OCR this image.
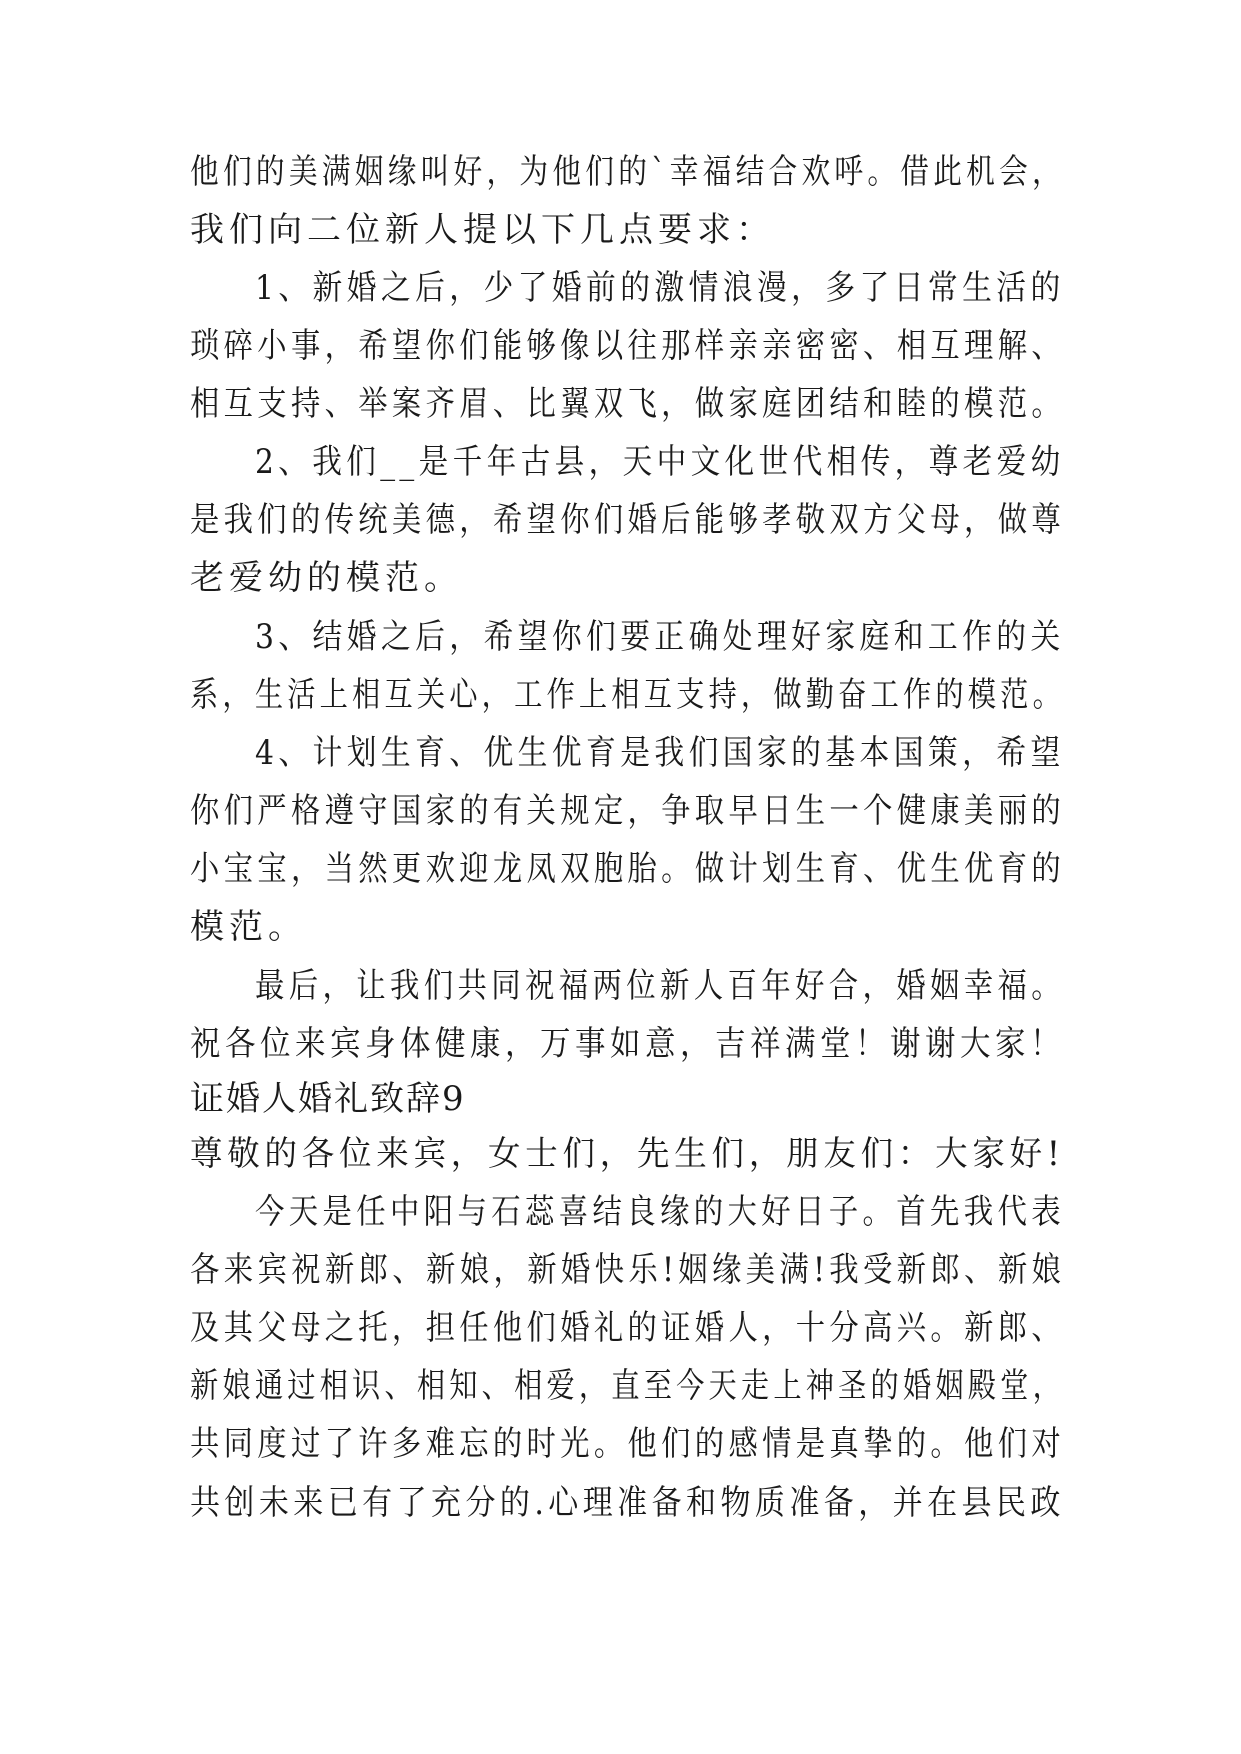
他们的美满姻缘叫好，为他们的`幸福结合欢呼。借此机会，
我们向二位新人提以下几点要求：
1、新婚之后，少了婚前的激情浪漫，多了日常生活的
琐碎小事，希望你们能够像以往那样亲亲密密、相互理解、
相互支持、举案齐眉、比翼双飞，做家庭团结和睦的模范。
2、我们__是千年古县，天中文化世代相传，尊老爱幼
是我们的传统美德，希望你们婚后能够孝敬双方父母，做尊
老爱幼的模范。
3、结婚之后，希望你们要正确处理好家庭和工作的关
系，生活上相互关心，工作上相互支持，做勤奋工作的模范。
4、计划生育、优生优育是我们国家的基本国策，希望
你们严格遵守国家的有关规定，争取早日生一个健康美丽的
小宝宝，当然更欢迎龙凤双胞胎。做计划生育、优生优育的
模范。
最后，让我们共同祝福两位新人百年好合，婚姻幸福。
祝各位来宾身体健康，万事如意，吉祥满堂！谢谢大家！
证婚人婚礼致辞9
尊敬的各位来宾，女士们，先生们，朋友们：大家好!
今天是任中阳与石蕊喜结良缘的大好日子。首先我代表
各来宾祝新郎、新娘，新婚快乐!姻缘美满!我受新郎、新娘
及其父母之托，担任他们婚礼的证婚人，十分高兴。新郎、
新娘通过相识、相知、相爱，直至今天走上神圣的婚姻殿堂，
共同度过了许多难忘的时光。他们的感情是真挚的。他们对
共创未来已有了充分的.心理准备和物质准备，并在县民政
